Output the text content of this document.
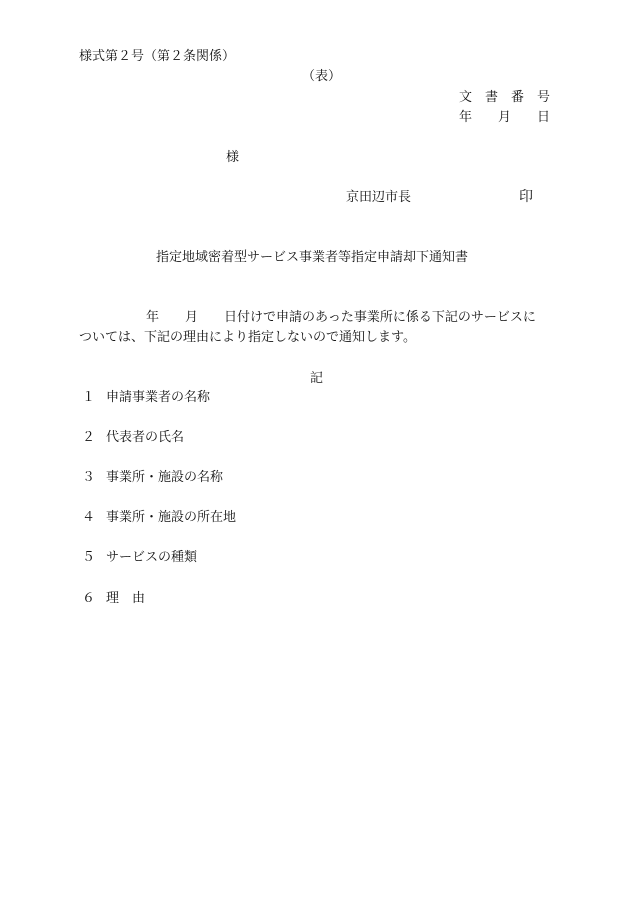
様式第２号（第２条関係）
（表）
文　書　番　号
年　　月　　日
様
京田辺市長	印
指定地域密着型サービス事業者等指定申請却下通知書
年　　月　　日付けで申請のあった事業所に係る下記のサービスに
ついては、下記の理由により指定しないので通知します。
記
１ 申請事業者の名称
２ 代表者の氏名
３ 事業所・施設の名称
４ 事業所・施設の所在地
５ サービスの種類
６ 理　由
